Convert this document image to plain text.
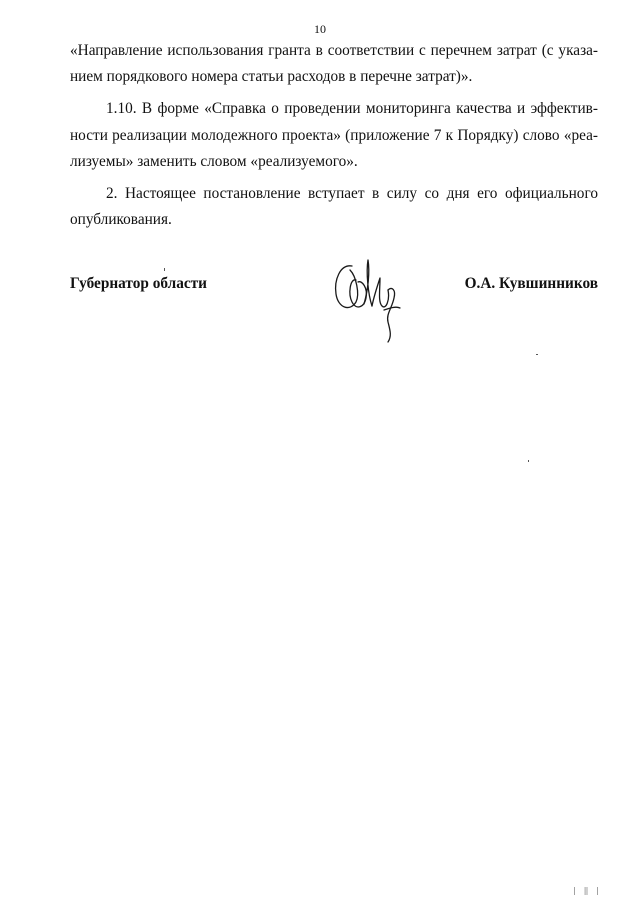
10
«Направление использования гранта в соответствии с перечнем затрат (с указа-
нием порядкового номера статьи расходов в перечне затрат)».
1.10. В форме «Справка о проведении мониторинга качества и эффектив-
ности реализации молодежного проекта» (приложение 7 к Порядку) слово «реа-
лизуемы» заменить словом «реализуемого».
2. Настоящее постановление вступает в силу со дня его официального
опубликования.
Губернатор области	О.А. Кувшинников
| ‖ |
